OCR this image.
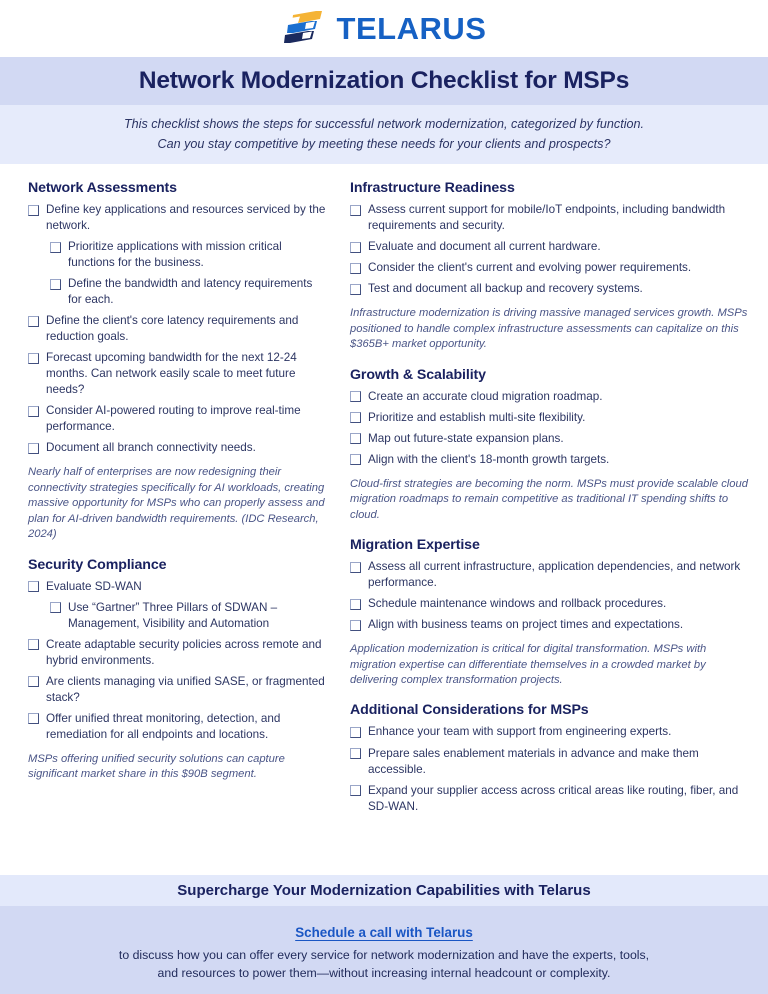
TELARUS
Network Modernization Checklist for MSPs

This checklist shows the steps for successful network modernization, categorized by function.

Can you stay competitive by meeting these needs for your clients and prospects?

Network Assessments
Define key applications and resources serviced by the network.
Prioritize applications with mission critical functions for the business.
Define the bandwidth and latency requirements for each.
Define the client's core latency requirements and reduction goals.
Forecast upcoming bandwidth for the next 12-24 months. Can network easily scale to meet future needs?
Consider AI-powered routing to improve real-time performance.
Document all branch connectivity needs.

Nearly half of enterprises are now redesigning their connectivity strategies specifically for AI workloads, creating massive opportunity for MSPs who can properly assess and plan for AI-driven bandwidth requirements. (IDC Research, 2024)

Security Compliance
Evaluate SD-WAN
Use “Gartner” Three Pillars of SDWAN – Management, Visibility and Automation
Create adaptable security policies across remote and hybrid environments.
Are clients managing via unified SASE, or fragmented stack?
Offer unified threat monitoring, detection, and remediation for all endpoints and locations.

MSPs offering unified security solutions can capture significant market share in this $90B segment.

Infrastructure Readiness
Assess current support for mobile/IoT endpoints, including bandwidth requirements and security.
Evaluate and document all current hardware.
Consider the client's current and evolving power requirements.
Test and document all backup and recovery systems.

Infrastructure modernization is driving massive managed services growth. MSPs positioned to handle complex infrastructure assessments can capitalize on this $365B+ market opportunity.

Growth & Scalability
Create an accurate cloud migration roadmap.
Prioritize and establish multi-site flexibility.
Map out future-state expansion plans.
Align with the client's 18-month growth targets.

Cloud-first strategies are becoming the norm. MSPs must provide scalable cloud migration roadmaps to remain competitive as traditional IT spending shifts to cloud.

Migration Expertise
Assess all current infrastructure, application dependencies, and network performance.
Schedule maintenance windows and rollback procedures.
Align with business teams on project times and expectations.

Application modernization is critical for digital transformation. MSPs with migration expertise can differentiate themselves in a crowded market by delivering complex transformation projects.

Additional Considerations for MSPs
Enhance your team with support from engineering experts.
Prepare sales enablement materials in advance and make them accessible.
Expand your supplier access across critical areas like routing, fiber, and SD-WAN.
Supercharge Your Modernization Capabilities with Telarus
Schedule a call with Telarus
to discuss how you can offer every service for network modernization and have the experts, tools,
and resources to power them—without increasing internal headcount or complexity.
